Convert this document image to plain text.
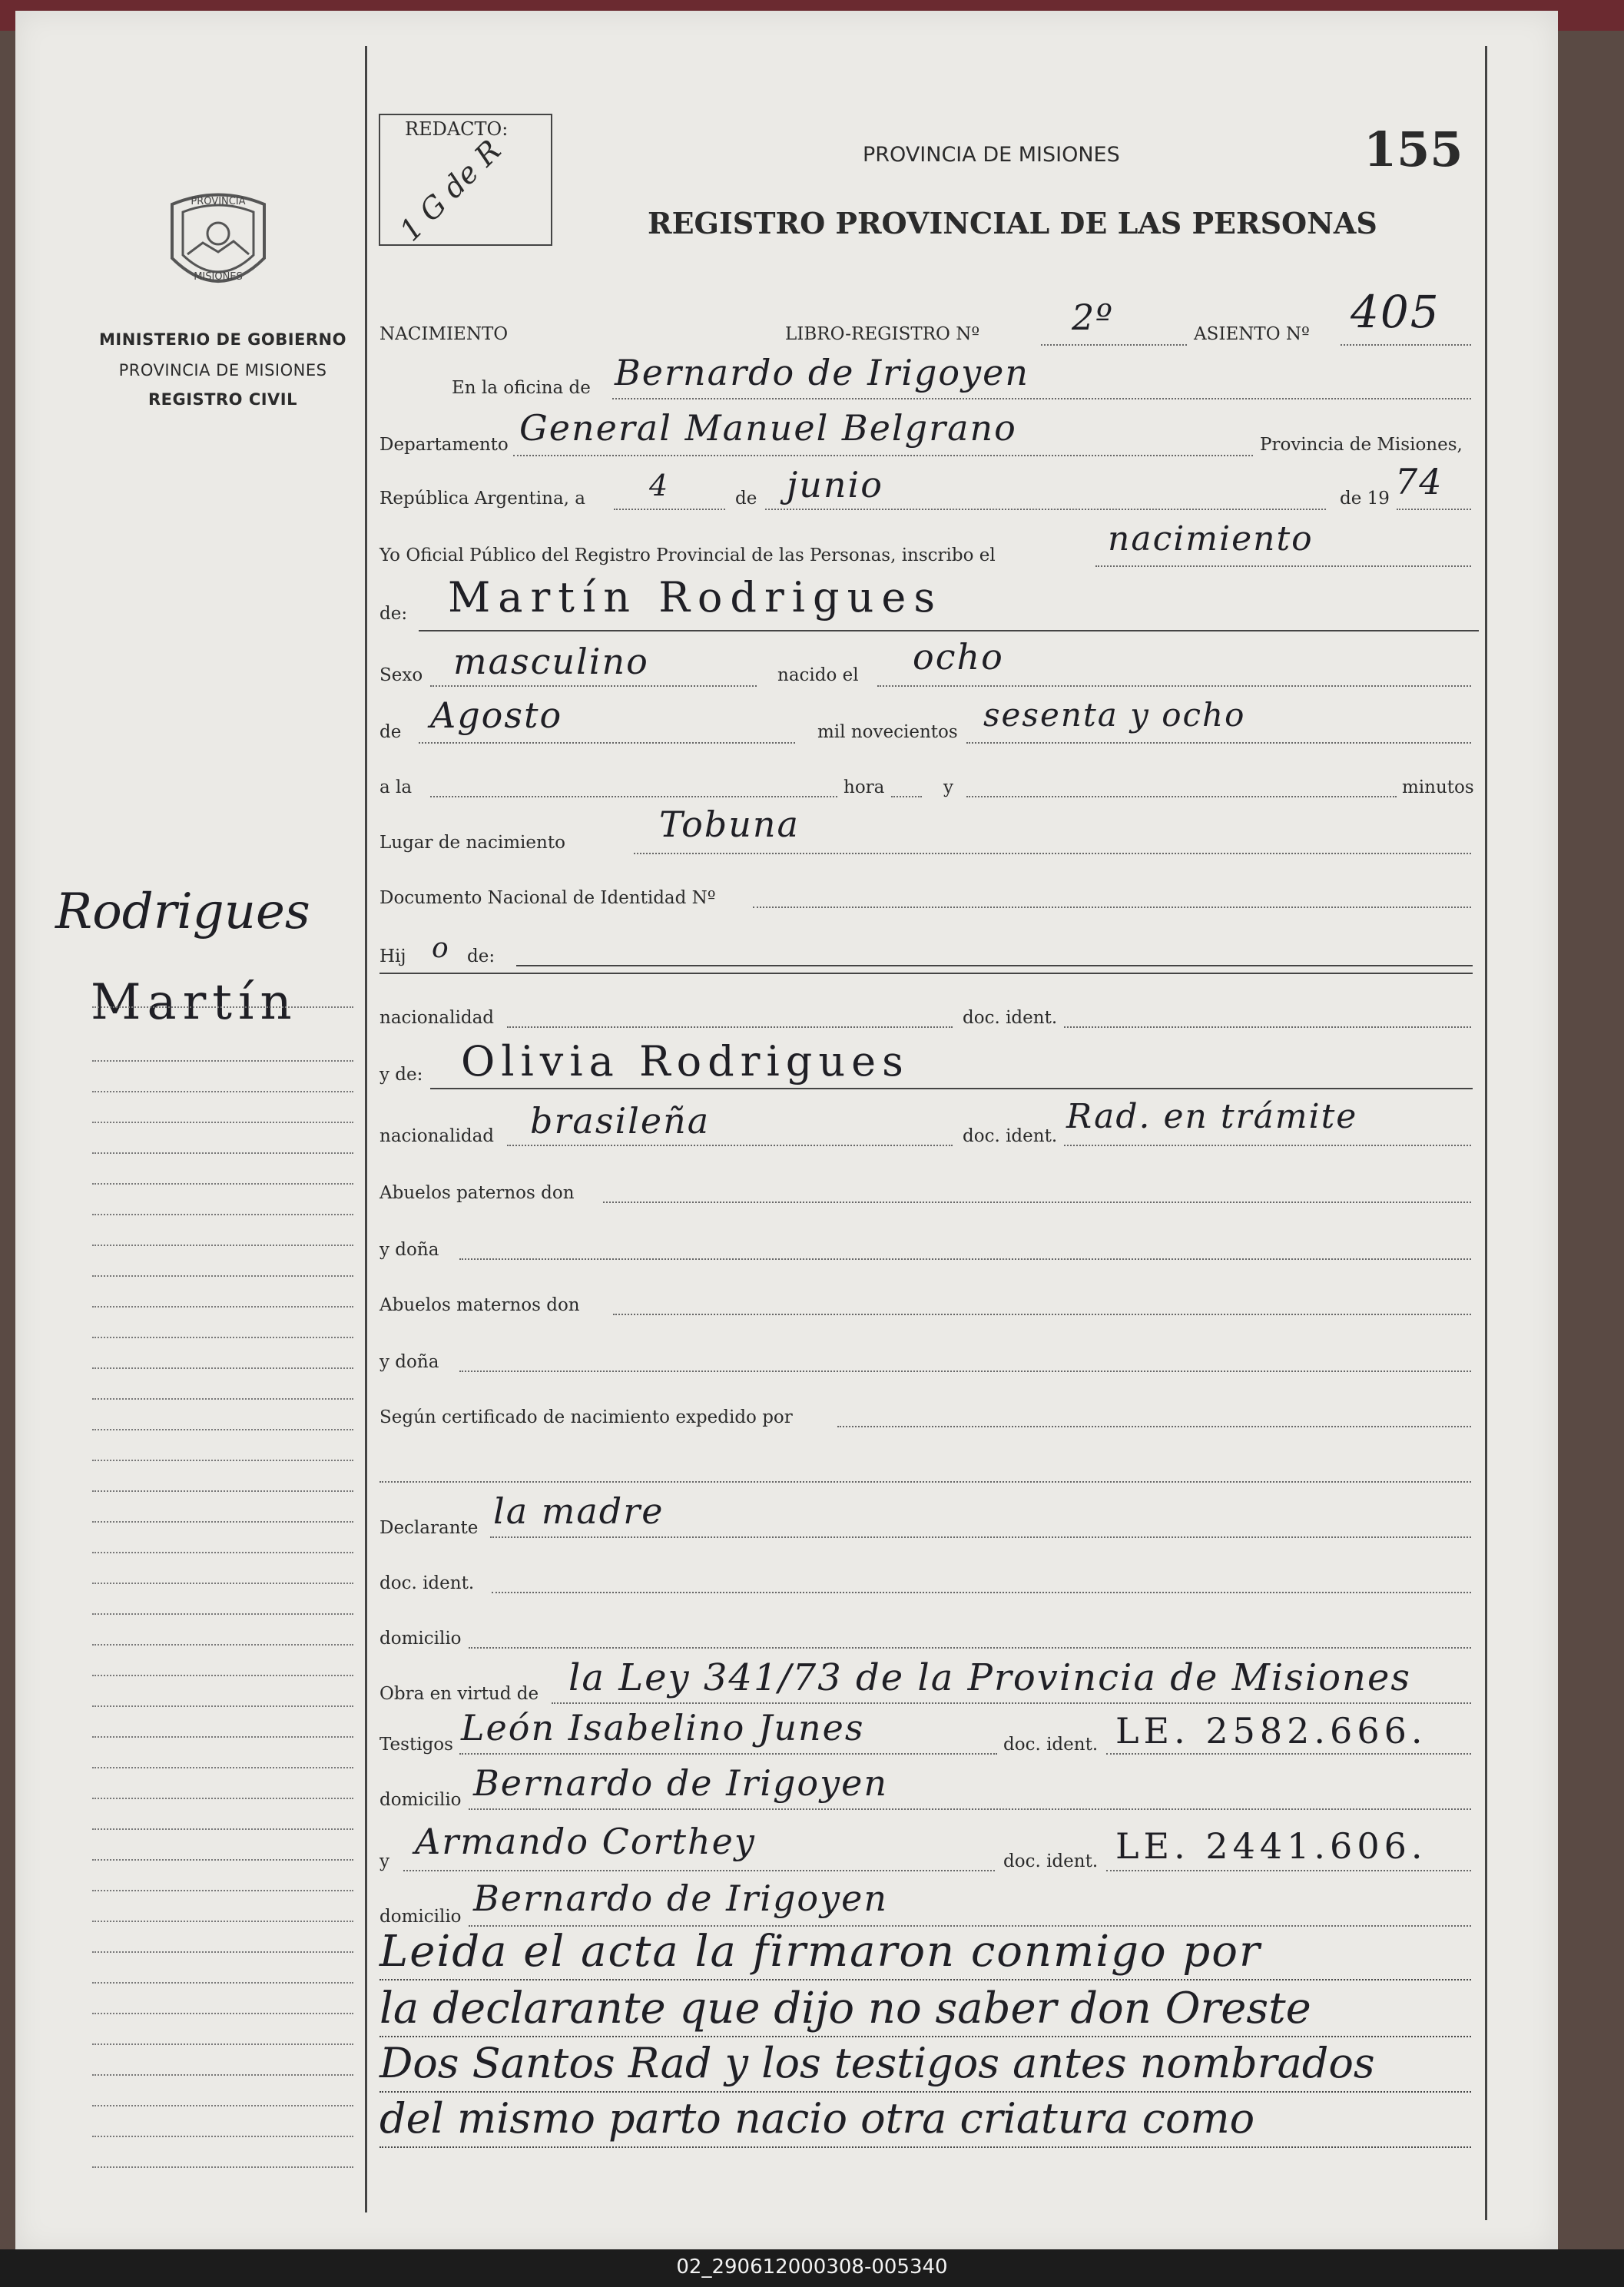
PROVINCIA
MISIONES
MINISTERIO DE GOBIERNO
PROVINCIA DE MISIONES
REGISTRO CIVIL
REDACTO:
1 G de R	PROVINCIA DE MISIONES
REGISTRO PROVINCIAL DE LAS PERSONAS
155
NACIMIENTO	LIBRO-REGISTRO Nº	2º	ASIENTO Nº 405
En la oficina de Bernardo de Irigoyen
Departamento General Manuel Belgrano	Provincia de Misiones,
República Argentina, a 4	de junio	de 19 74
Yo Oficial Público del Registro Provincial de las Personas, inscribo el	nacimiento
de: Martín Rodrigues
Sexo masculino	nacido el ocho
de Agosto	mil novecientos sesenta y ocho
a la	hora	y	minutos
Lugar de nacimiento	Tobuna
Documento Nacional de Identidad Nº
Hij o de:
nacionalidad	doc. ident.
y de: Olivia Rodrigues
nacionalidad brasileña	doc. ident. Rad. en trámite
Abuelos paternos don
y doña
Abuelos maternos don
y doña
Según certificado de nacimiento expedido por
Declarante la madre
doc. ident.
domicilio
Obra en virtud de la Ley 341/73 de la Provincia de Misiones
Testigos León Isabelino Junes	doc. ident. LE. 2582.666.
domicilio Bernardo de Irigoyen
y Armando Corthey	doc. ident. LE. 2441.606.
domicilio Bernardo de Irigoyen
Leida el acta la firmaron conmigo por
la declarante que dijo no saber don Oreste
Dos Santos Rad y los testigos antes nombrados
del mismo parto nacio otra criatura como
Rodrigues
Martín
02_290612000308-005340
